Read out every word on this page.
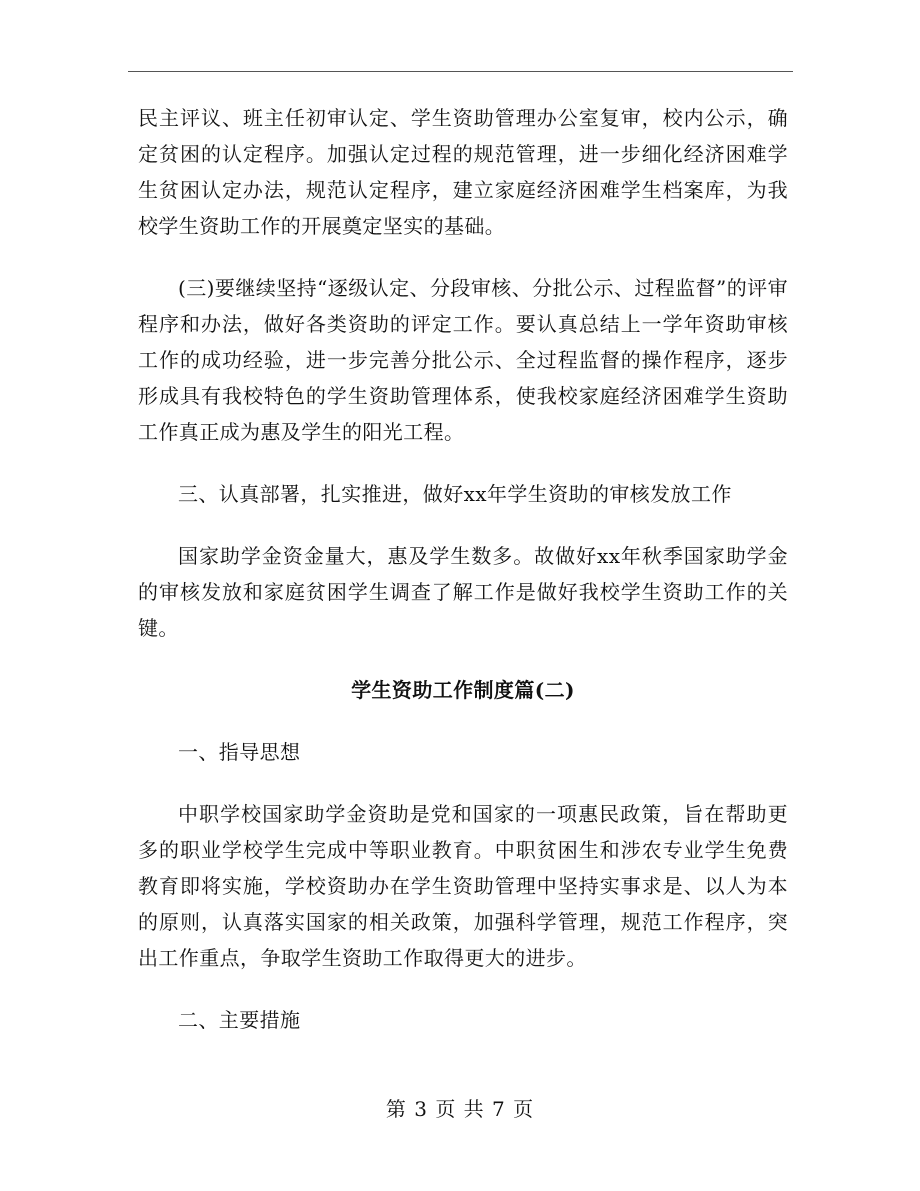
民主评议、班主任初审认定、学生资助管理办公室复审，校内公示，确定贫困的认定程序。加强认定过程的规范管理，进一步细化经济困难学生贫困认定办法，规范认定程序，建立家庭经济困难学生档案库，为我校学生资助工作的开展奠定坚实的基础。

(三)要继续坚持“逐级认定、分段审核、分批公示、过程监督”的评审程序和办法，做好各类资助的评定工作。要认真总结上一学年资助审核工作的成功经验，进一步完善分批公示、全过程监督的操作程序，逐步形成具有我校特色的学生资助管理体系，使我校家庭经济困难学生资助工作真正成为惠及学生的阳光工程。

三、认真部署，扎实推进，做好xx年学生资助的审核发放工作

国家助学金资金量大，惠及学生数多。故做好xx年秋季国家助学金的审核发放和家庭贫困学生调查了解工作是做好我校学生资助工作的关键。

学生资助工作制度篇(二)

一、指导思想

中职学校国家助学金资助是党和国家的一项惠民政策，旨在帮助更多的职业学校学生完成中等职业教育。中职贫困生和涉农专业学生免费教育即将实施，学校资助办在学生资助管理中坚持实事求是、以人为本的原则，认真落实国家的相关政策，加强科学管理，规范工作程序，突出工作重点，争取学生资助工作取得更大的进步。

二、主要措施

第 3 页 共 7 页
